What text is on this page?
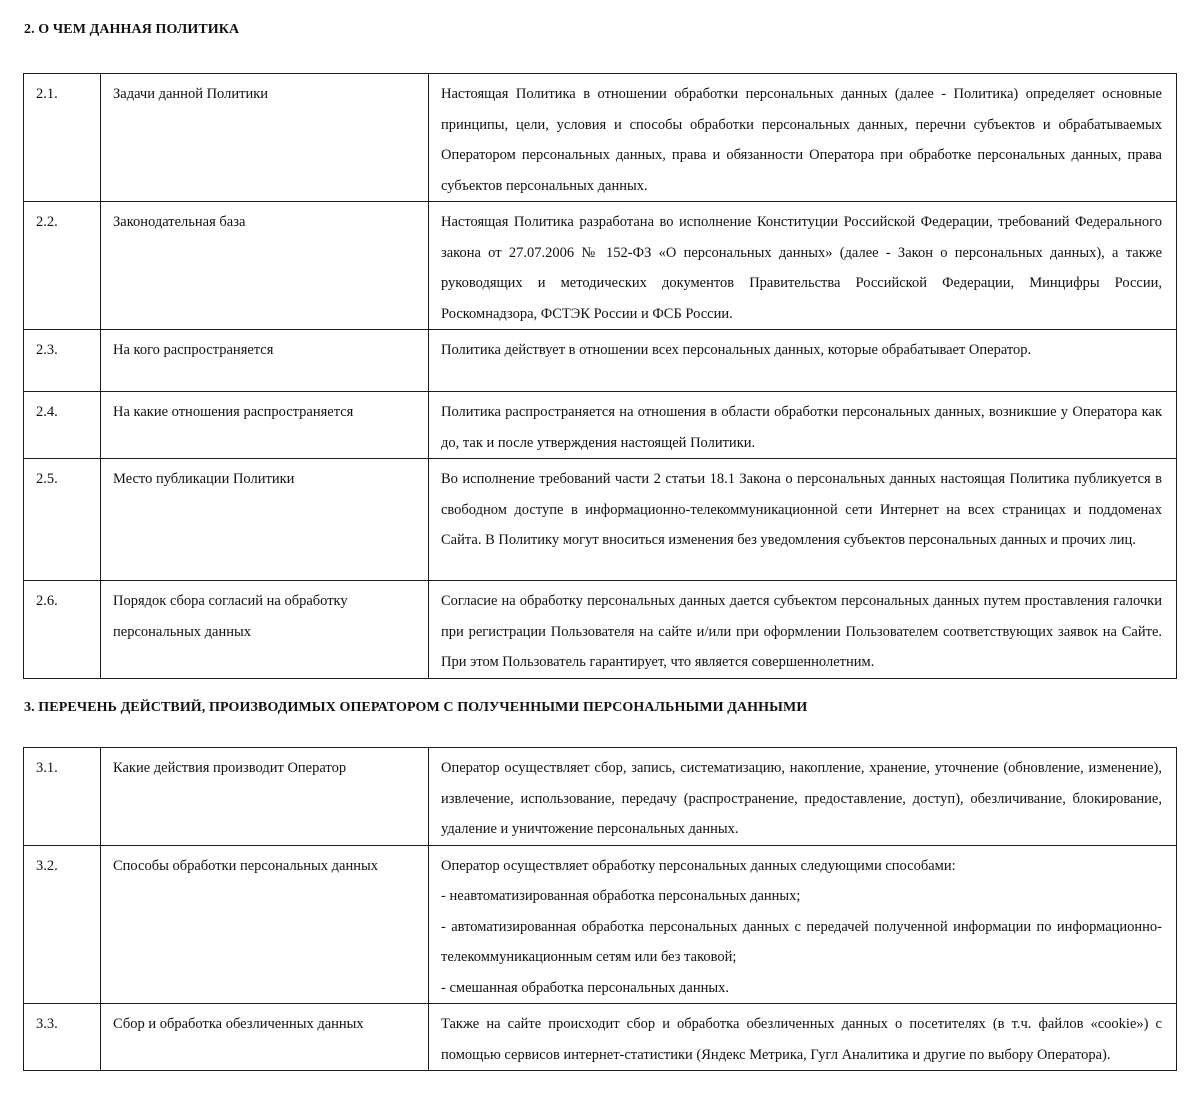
2. О ЧЕМ ДАННАЯ ПОЛИТИКА
2.1.	Задачи данной Политики	Настоящая Политика в отношении обработки персональных данных (далее - Политика) определяет основные принципы, цели, условия и способы обработки персональных данных, перечни субъектов и обрабатываемых Оператором персональных данных, права и обязанности Оператора при обработке персональных данных, права субъектов персональных данных.

2.2.	Законодательная база	Настоящая Политика разработана во исполнение Конституции Российской Федерации, требований Федерального закона от 27.07.2006 № 152-ФЗ «О персональных данных» (далее - Закон о персональных данных), а также руководящих и методических документов Правительства Российской Федерации, Минцифры России, Роскомнадзора, ФСТЭК России и ФСБ России.

2.3.	На кого распространяется	Политика действует в отношении всех персональных данных, которые обрабатывает Оператор.

2.4.	На какие отношения распространяется	Политика распространяется на отношения в области обработки персональных данных, возникшие у Оператора как до, так и после утверждения настоящей Политики.

2.5.	Место публикации Политики	Во исполнение требований части 2 статьи 18.1 Закона о персональных данных настоящая Политика публикуется в свободном доступе в информационно-телекоммуникационной сети Интернет на всех страницах и поддоменах Сайта. В Политику могут вноситься изменения без уведомления субъектов персональных данных и прочих лиц.

2.6.	Порядок сбора согласий на обработку персональных данных	Согласие на обработку персональных данных дается субъектом персональных данных путем проставления галочки при регистрации Пользователя на сайте и/или при оформлении Пользователем соответствующих заявок на Сайте. При этом Пользователь гарантирует, что является совершеннолетним.
3. ПЕРЕЧЕНЬ ДЕЙСТВИЙ, ПРОИЗВОДИМЫХ ОПЕРАТОРОМ С ПОЛУЧЕННЫМИ ПЕРСОНАЛЬНЫМИ ДАННЫМИ
3.1.	Какие действия производит Оператор	Оператор осуществляет сбор, запись, систематизацию, накопление, хранение, уточнение (обновление, изменение), извлечение, использование, передачу (распространение, предоставление, доступ), обезличивание, блокирование, удаление и уничтожение персональных данных.

3.2.	Способы обработки персональных данных	Оператор осуществляет обработку персональных данных следующими способами:

- неавтоматизированная обработка персональных данных;

- автоматизированная обработка персональных данных с передачей полученной информации по информационно-телекоммуникационным сетям или без таковой;

- смешанная обработка персональных данных.

3.3.	Сбор и обработка обезличенных данных	Также на сайте происходит сбор и обработка обезличенных данных о посетителях (в т.ч. файлов «cookie») с помощью сервисов интернет-статистики (Яндекс Метрика, Гугл Аналитика и другие по выбору Оператора).
